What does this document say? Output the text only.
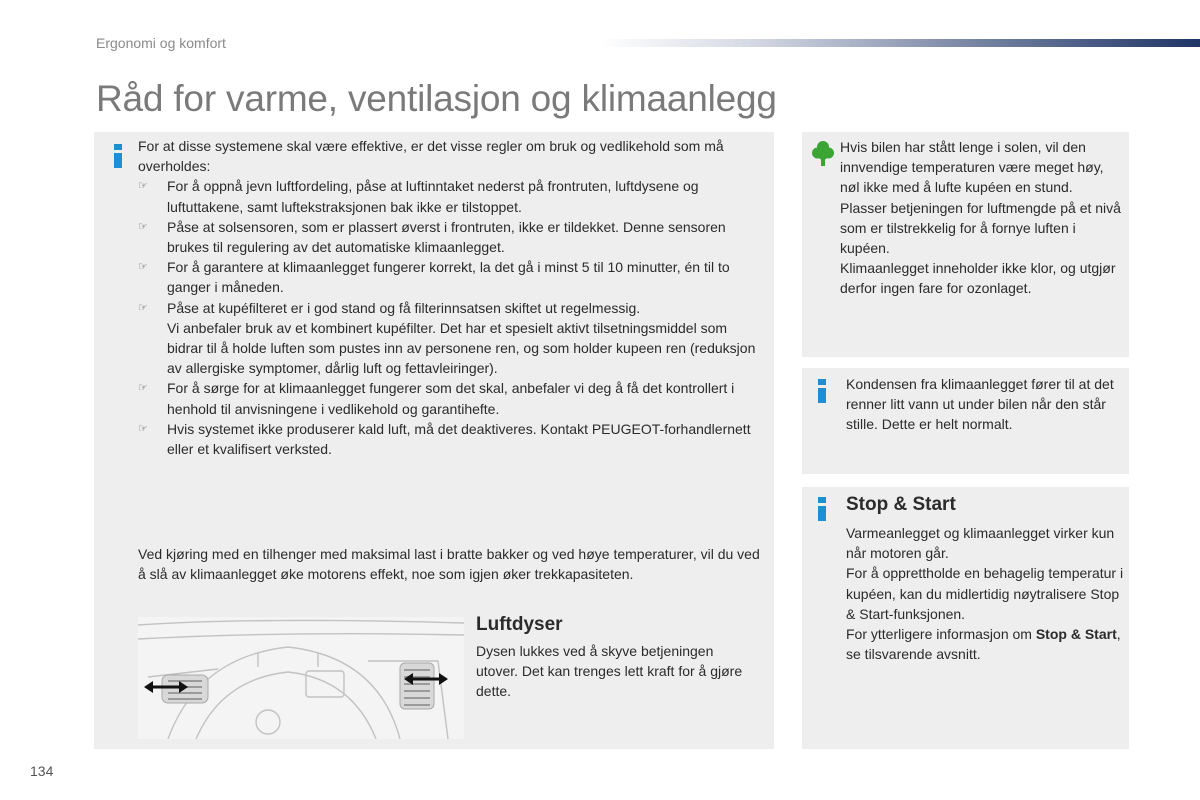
Ergonomi og komfort
Råd for varme, ventilasjon og klimaanlegg

For at disse systemene skal være effektive, er det visse regler om bruk og vedlikehold som må overholdes:

☞ For å oppnå jevn luftfordeling, påse at luftinntaket nederst på frontruten, luftdysene og luftuttakene, samt luftekstraksjonen bak ikke er tilstoppet.
☞ Påse at solsensoren, som er plassert øverst i frontruten, ikke er tildekket. Denne sensoren brukes til regulering av det automatiske klimaanlegget.
☞ For å garantere at klimaanlegget fungerer korrekt, la det gå i minst 5 til 10 minutter, én til to ganger i måneden.
☞ Påse at kupéfilteret er i god stand og få filterinnsatsen skiftet ut regelmessig.
Vi anbefaler bruk av et kombinert kupéfilter. Det har et spesielt aktivt tilsetningsmiddel som bidrar til å holde luften som pustes inn av personene ren, og som holder kupeen ren (reduksjon av allergiske symptomer, dårlig luft og fettavleiringer).
☞ For å sørge for at klimaanlegget fungerer som det skal, anbefaler vi deg å få det kontrollert i henhold til anvisningene i vedlikehold og garantihefte.
☞ Hvis systemet ikke produserer kald luft, må det deaktiveres. Kontakt PEUGEOT-forhandlernett eller et kvalifisert verksted.

Ved kjøring med en tilhenger med maksimal last i bratte bakker og ved høye temperaturer, vil du ved å slå av klimaanlegget øke motorens effekt, noe som igjen øker trekkapasiteten.

Luftdyser

Dysen lukkes ved å skyve betjeningen utover. Det kan trenges lett kraft for å gjøre dette.

Hvis bilen har stått lenge i solen, vil den innvendige temperaturen være meget høy, nøl ikke med å lufte kupéen en stund.

Plasser betjeningen for luftmengde på et nivå som er tilstrekkelig for å fornye luften i kupéen.

Klimaanlegget inneholder ikke klor, og utgjør derfor ingen fare for ozonlaget.

Kondensen fra klimaanlegget fører til at det renner litt vann ut under bilen når den står stille. Dette er helt normalt.

Stop & Start

Varmeanlegget og klimaanlegget virker kun når motoren går.

For å opprettholde en behagelig temperatur i kupéen, kan du midlertidig nøytralisere Stop & Start-funksjonen.

For ytterligere informasjon om Stop & Start, se tilsvarende avsnitt.

134
